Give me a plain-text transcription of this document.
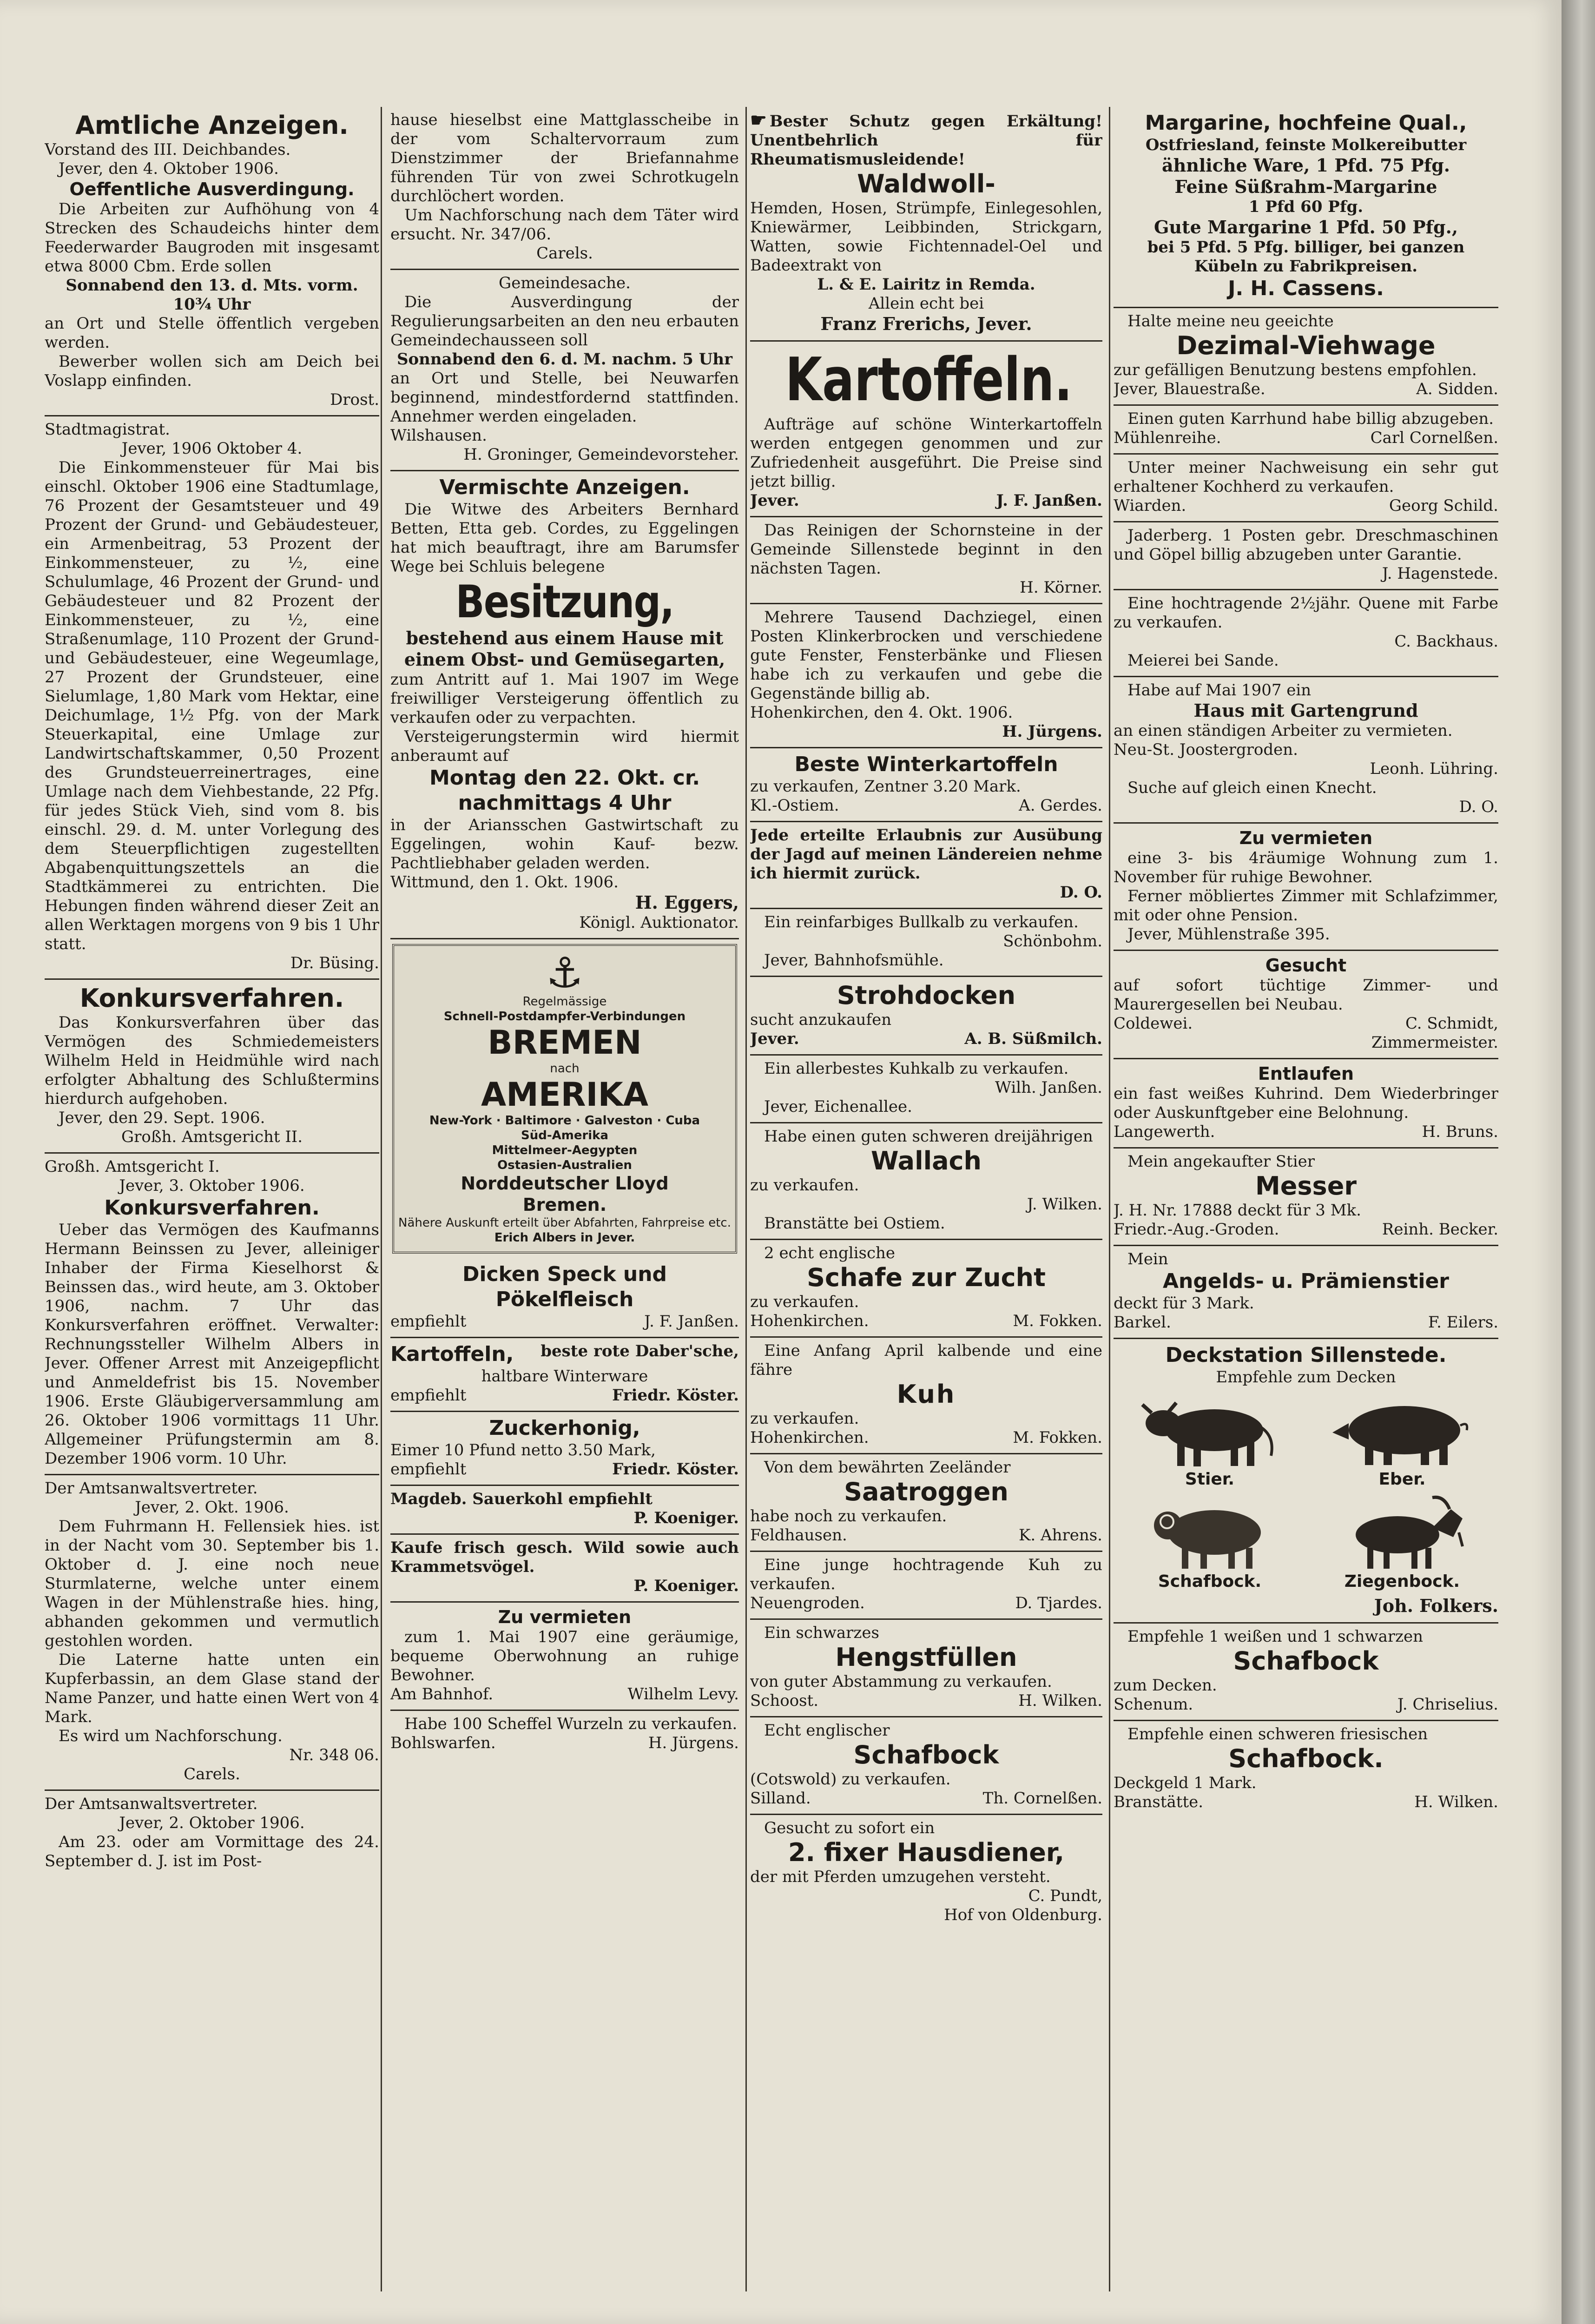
Amtliche Anzeigen.

Vorstand des III. Deichbandes.

Jever, den 4. Oktober 1906.

Oeffentliche Ausverdingung.

Die Arbeiten zur Aufhöhung von 4 Strecken des Schaudeichs hinter dem Feederwarder Baugroden mit insgesamt etwa 8000 Cbm. Erde sollen

Sonnabend den 13. d. Mts. vorm. 10¾ Uhr

an Ort und Stelle öffentlich vergeben werden.

Bewerber wollen sich am Deich bei Voslapp einfinden.

Drost.

Stadtmagistrat.

Jever, 1906 Oktober 4.

Die Einkommensteuer für Mai bis einschl. Oktober 1906 eine Stadtumlage, 76 Prozent der Gesamtsteuer und 49 Prozent der Grund- und Gebäudesteuer, ein Armenbeitrag, 53 Prozent der Einkommensteuer, zu ½, eine Schulumlage, 46 Prozent der Grund- und Gebäudesteuer und 82 Prozent der Einkommensteuer, zu ½, eine Straßenumlage, 110 Prozent der Grund- und Gebäudesteuer, eine Wegeumlage, 27 Prozent der Grundsteuer, eine Sielumlage, 1,80 Mark vom Hektar, eine Deichumlage, 1½ Pfg. von der Mark Steuerkapital, eine Umlage zur Landwirtschaftskammer, 0,50 Prozent des Grundsteuerreinertrages, eine Umlage nach dem Viehbestande, 22 Pfg. für jedes Stück Vieh, sind vom 8. bis einschl. 29. d. M. unter Vorlegung des dem Steuerpflichtigen zugestellten Abgabenquittungszettels an die Stadtkämmerei zu entrichten. Die Hebungen finden während dieser Zeit an allen Werktagen morgens von 9 bis 1 Uhr statt.

Dr. Büsing.

Konkursverfahren.

Das Konkursverfahren über das Vermögen des Schmiedemeisters Wilhelm Held in Heidmühle wird nach erfolgter Abhaltung des Schlußtermins hierdurch aufgehoben.

Jever, den 29. Sept. 1906.

Großh. Amtsgericht II.

Großh. Amtsgericht I.

Jever, 3. Oktober 1906.

Konkursverfahren.

Ueber das Vermögen des Kaufmanns Hermann Beinssen zu Jever, alleiniger Inhaber der Firma Kieselhorst & Beinssen das., wird heute, am 3. Oktober 1906, nachm. 7 Uhr das Konkursverfahren eröffnet. Verwalter: Rechnungssteller Wilhelm Albers in Jever. Offener Arrest mit Anzeigepflicht und Anmeldefrist bis 15. November 1906. Erste Gläubigerversammlung am 26. Oktober 1906 vormittags 11 Uhr. Allgemeiner Prüfungstermin am 8. Dezember 1906 vorm. 10 Uhr.

Der Amtsanwaltsvertreter.

Jever, 2. Okt. 1906.

Dem Fuhrmann H. Fellensiek hies. ist in der Nacht vom 30. September bis 1. Oktober d. J. eine noch neue Sturmlaterne, welche unter einem Wagen in der Mühlenstraße hies. hing, abhanden gekommen und vermutlich gestohlen worden.

Die Laterne hatte unten ein Kupferbassin, an dem Glase stand der Name Panzer, und hatte einen Wert von 4 Mark.

Es wird um Nachforschung.

Nr. 348 06.

Carels.

Der Amtsanwaltsvertreter.

Jever, 2. Oktober 1906.

Am 23. oder am Vormittage des 24. September d. J. ist im Post-

hause hieselbst eine Mattglasscheibe in der vom Schaltervorraum zum Dienstzimmer der Briefannahme führenden Tür von zwei Schrotkugeln durchlöchert worden.

Um Nachforschung nach dem Täter wird ersucht. Nr. 347/06.

Carels.

Gemeindesache.

Die Ausverdingung der Regulierungsarbeiten an den neu erbauten Gemeindechausseen soll

Sonnabend den 6. d. M. nachm. 5 Uhr

an Ort und Stelle, bei Neuwarfen beginnend, mindestfordernd stattfinden. Annehmer werden eingeladen.

Wilshausen.

H. Groninger, Gemeindevorsteher.

Vermischte Anzeigen.

Die Witwe des Arbeiters Bernhard Betten, Etta geb. Cordes, zu Eggelingen hat mich beauftragt, ihre am Barumsfer Wege bei Schluis belegene

Besitzung,

bestehend aus einem Hause mit einem Obst- und Gemüsegarten,

zum Antritt auf 1. Mai 1907 im Wege freiwilliger Versteigerung öffentlich zu verkaufen oder zu verpachten.

Versteigerungstermin wird hiermit anberaumt auf

Montag den 22. Okt. cr. nachmittags 4 Uhr

in der Ariansschen Gastwirtschaft zu Eggelingen, wohin Kauf- bezw. Pachtliebhaber geladen werden.

Wittmund, den 1. Okt. 1906.

H. Eggers,

Königl. Auktionator.

⚓
Regelmässige
Schnell-Postdampfer-Verbindungen
BREMEN
nach
AMERIKA
New-York · Baltimore · Galveston · Cuba
Süd-Amerika
Mittelmeer-Aegypten
Ostasien-Australien
Norddeutscher Lloyd
Bremen.
Nähere Auskunft erteilt über Abfahrten, Fahrpreise etc.
Erich Albers in Jever.
Dicken Speck und Pökelfleisch
empfiehlt	J. F. Janßen.
Kartoffeln, beste rote Daber'sche,

haltbare Winterware

empfiehlt	Friedr. Köster.
Zuckerhonig,

Eimer 10 Pfund netto 3.50 Mark,

empfiehlt	Friedr. Köster.

Magdeb. Sauerkohl empfiehlt

P. Koeniger.

Kaufe frisch gesch. Wild sowie auch Krammetsvögel.

P. Koeniger.

Zu vermieten

zum 1. Mai 1907 eine geräumige, bequeme Oberwohnung an ruhige Bewohner.

Am Bahnhof.	Wilhelm Levy.

Habe 100 Scheffel Wurzeln zu verkaufen.

Bohlswarfen.	H. Jürgens.

☛ Bester Schutz gegen Erkältung! Unentbehrlich für Rheumatismusleidende!

Waldwoll-

Hemden, Hosen, Strümpfe, Einlegesohlen, Kniewärmer, Leibbinden, Strickgarn, Watten, sowie Fichtennadel-Oel und Badeextrakt von

L. & E. Lairitz in Remda.

Allein echt bei

Franz Frerichs, Jever.

Kartoffeln.

Aufträge auf schöne Winterkartoffeln werden entgegen genommen und zur Zufriedenheit ausgeführt. Die Preise sind jetzt billig.

Jever.	J. F. Janßen.

Das Reinigen der Schornsteine in der Gemeinde Sillenstede beginnt in den nächsten Tagen.

H. Körner.

Mehrere Tausend Dachziegel, einen Posten Klinkerbrocken und verschiedene gute Fenster, Fensterbänke und Fliesen habe ich zu verkaufen und gebe die Gegenstände billig ab.

Hohenkirchen, den 4. Okt. 1906.

H. Jürgens.

Beste Winterkartoffeln

zu verkaufen, Zentner 3.20 Mark.

Kl.-Ostiem.	A. Gerdes.

Jede erteilte Erlaubnis zur Ausübung der Jagd auf meinen Ländereien nehme ich hiermit zurück.

D. O.

Ein reinfarbiges Bullkalb zu verkaufen.

Schönbohm.

Jever, Bahnhofsmühle.

Strohdocken

sucht anzukaufen

Jever.	A. B. Süßmilch.

Ein allerbestes Kuhkalb zu verkaufen.

Wilh. Janßen.

Jever, Eichenallee.

Habe einen guten schweren dreijährigen

Wallach

zu verkaufen.

J. Wilken.

Branstätte bei Ostiem.

2 echt englische

Schafe zur Zucht

zu verkaufen.

Hohenkirchen.	M. Fokken.

Eine Anfang April kalbende und eine fähre

Kuh

zu verkaufen.

Hohenkirchen.	M. Fokken.

Von dem bewährten Zeeländer

Saatroggen

habe noch zu verkaufen.

Feldhausen.	K. Ahrens.

Eine junge hochtragende Kuh zu verkaufen.

Neuengroden.	D. Tjardes.

Ein schwarzes

Hengstfüllen

von guter Abstammung zu verkaufen.

Schoost.	H. Wilken.

Echt englischer

Schafbock

(Cotswold) zu verkaufen.

Silland.	Th. Cornelßen.

Gesucht zu sofort ein

2. fixer Hausdiener,

der mit Pferden umzugehen versteht.

C. Pundt,

Hof von Oldenburg.

Margarine, hochfeine Qual.,

Ostfriesland, feinste Molkereibutter

ähnliche Ware, 1 Pfd. 75 Pfg.

Feine Süßrahm-Margarine

1 Pfd 60 Pfg.

Gute Margarine 1 Pfd. 50 Pfg.,

bei 5 Pfd. 5 Pfg. billiger, bei ganzen Kübeln zu Fabrikpreisen.

J. H. Cassens.

Halte meine neu geeichte

Dezimal-Viehwage

zur gefälligen Benutzung bestens empfohlen.

Jever, Blauestraße.	A. Sidden.

Einen guten Karrhund habe billig abzugeben.

Mühlenreihe.	Carl Cornelßen.

Unter meiner Nachweisung ein sehr gut erhaltener Kochherd zu verkaufen.

Wiarden.	Georg Schild.

Jaderberg. 1 Posten gebr. Dreschmaschinen und Göpel billig abzugeben unter Garantie.

J. Hagenstede.

Eine hochtragende 2½jähr. Quene mit Farbe zu verkaufen.

C. Backhaus.

Meierei bei Sande.

Habe auf Mai 1907 ein

Haus mit Gartengrund

an einen ständigen Arbeiter zu vermieten.

Neu-St. Joostergroden.

Leonh. Lühring.

Suche auf gleich einen Knecht.

D. O.

Zu vermieten

eine 3- bis 4räumige Wohnung zum 1. November für ruhige Bewohner.

Ferner möbliertes Zimmer mit Schlafzimmer, mit oder ohne Pension.

Jever, Mühlenstraße 395.

Gesucht

auf sofort tüchtige Zimmer- und Maurergesellen bei Neubau.

Coldewei.	C. Schmidt,

Zimmermeister.

Entlaufen

ein fast weißes Kuhrind. Dem Wiederbringer oder Auskunftgeber eine Belohnung.

Langewerth.	H. Bruns.

Mein angekaufter Stier

Messer

J. H. Nr. 17888 deckt für 3 Mk.

Friedr.-Aug.-Groden.	Reinh. Becker.

Mein

Angelds- u. Prämienstier

deckt für 3 Mark.

Barkel.	F. Eilers.
Deckstation Sillenstede.

Empfehle zum Decken

Stier.	Eber.
Schafbock.	Ziegenbock.

Joh. Folkers.

Empfehle 1 weißen und 1 schwarzen

Schafbock

zum Decken.

Schenum.	J. Chriselius.

Empfehle einen schweren friesischen

Schafbock.

Deckgeld 1 Mark.

Branstätte.	H. Wilken.
